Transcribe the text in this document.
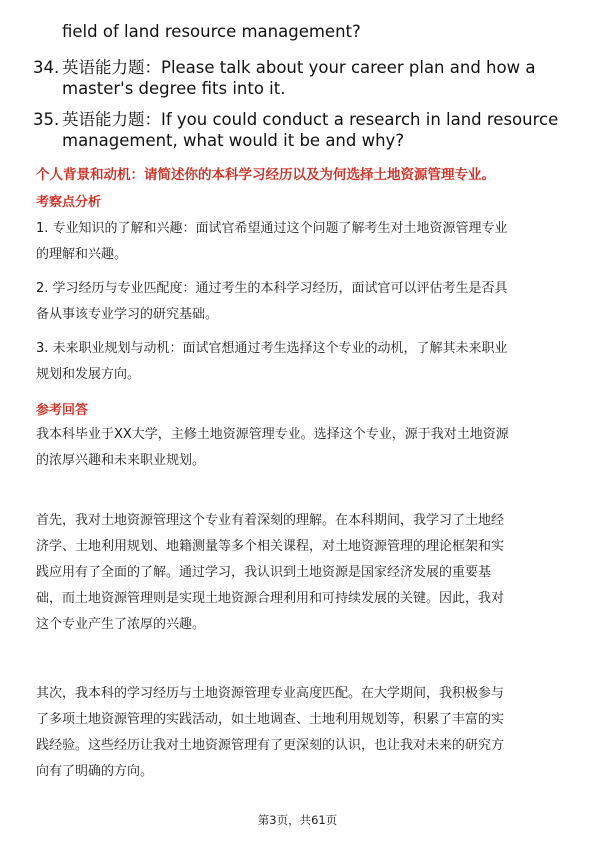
field of land resource management?
34. 英语能力题：Please talk about your career plan and how a
master's degree fits into it.
35. 英语能力题：If you could conduct a research in land resource
management, what would it be and why?
个人背景和动机：请简述你的本科学习经历以及为何选择土地资源管理专业。
考察点分析
1. 专业知识的了解和兴趣：面试官希望通过这个问题了解考生对土地资源管理专业
的理解和兴趣。
2. 学习经历与专业匹配度：通过考生的本科学习经历，面试官可以评估考生是否具
备从事该专业学习的研究基础。
3. 未来职业规划与动机：面试官想通过考生选择这个专业的动机，了解其未来职业
规划和发展方向。
参考回答
我本科毕业于XX大学，主修土地资源管理专业。选择这个专业，源于我对土地资源
的浓厚兴趣和未来职业规划。
首先，我对土地资源管理这个专业有着深刻的理解。在本科期间，我学习了土地经
济学、土地利用规划、地籍测量等多个相关课程，对土地资源管理的理论框架和实
践应用有了全面的了解。通过学习，我认识到土地资源是国家经济发展的重要基
础，而土地资源管理则是实现土地资源合理利用和可持续发展的关键。因此，我对
这个专业产生了浓厚的兴趣。
其次，我本科的学习经历与土地资源管理专业高度匹配。在大学期间，我积极参与
了多项土地资源管理的实践活动，如土地调查、土地利用规划等，积累了丰富的实
践经验。这些经历让我对土地资源管理有了更深刻的认识，也让我对未来的研究方
向有了明确的方向。
第3页，共61页
